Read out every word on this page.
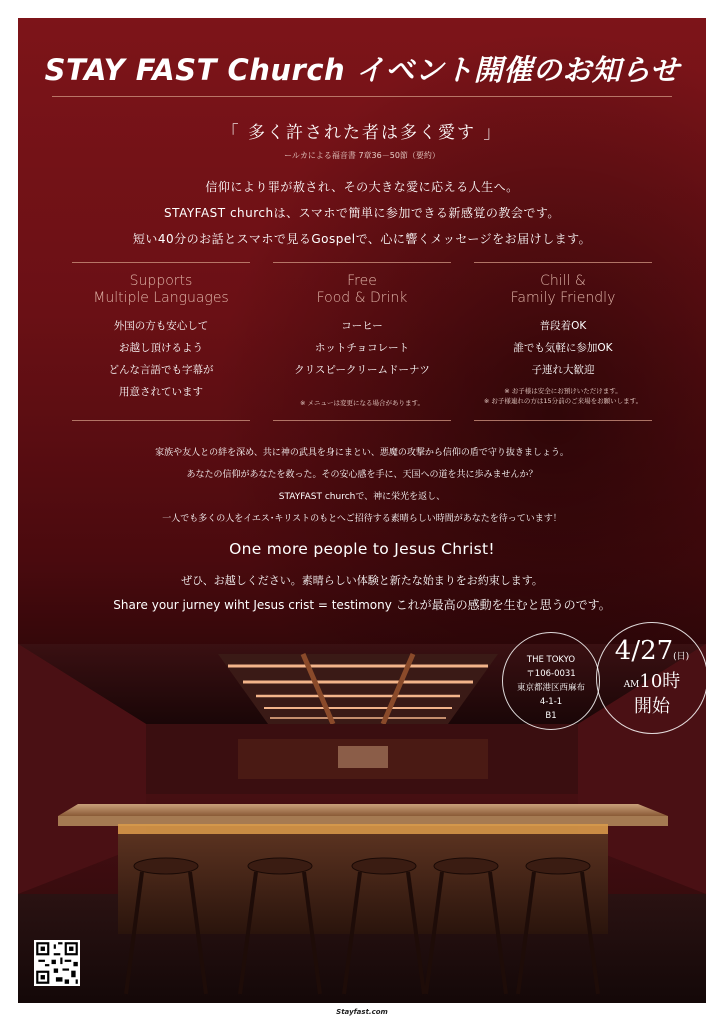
STAY FAST Church イベント開催のお知らせ
「 多く許された者は多く愛す 」
ールカによる福音書 7章36－50節（要約）
信仰により罪が赦され、その大きな愛に応える人生へ。
STAYFAST churchは、スマホで簡単に参加できる新感覚の教会です。
短い40分のお話とスマホで見るGospelで、心に響くメッセージをお届けします。
Supports
Multiple Languages
外国の方も安心して
お越し頂けるよう
どんな言語でも字幕が
用意されています
Free
Food & Drink
コーヒー
ホットチョコレート
クリスピークリームドーナツ
※ メニューは変更になる場合があります。
Chill &
Family Friendly
普段着OK
誰でも気軽に参加OK
子連れ大歓迎
※ お子様は安全にお預けいただけます。
※ お子様連れの方は15分前のご来場をお願いします。
家族や友人との絆を深め、共に神の武具を身にまとい、悪魔の攻撃から信仰の盾で守り抜きましょう。
あなたの信仰があなたを救った。その安心感を手に、天国への道を共に歩みませんか？
STAYFAST churchで、神に栄光を返し、
一人でも多くの人をイエス･キリストのもとへご招待する素晴らしい時間があなたを待っています！
One more people to Jesus Christ!
ぜひ、お越しください。素晴らしい体験と新たな始まりをお約束します。
Share your jurney wiht Jesus crist = testimony これが最高の感動を生むと思うのです。
THE TOKYO
〒106-0031
東京都港区西麻布
4-1-1
B1
4/27(日)
AM10時
開始
Stayfast.com
